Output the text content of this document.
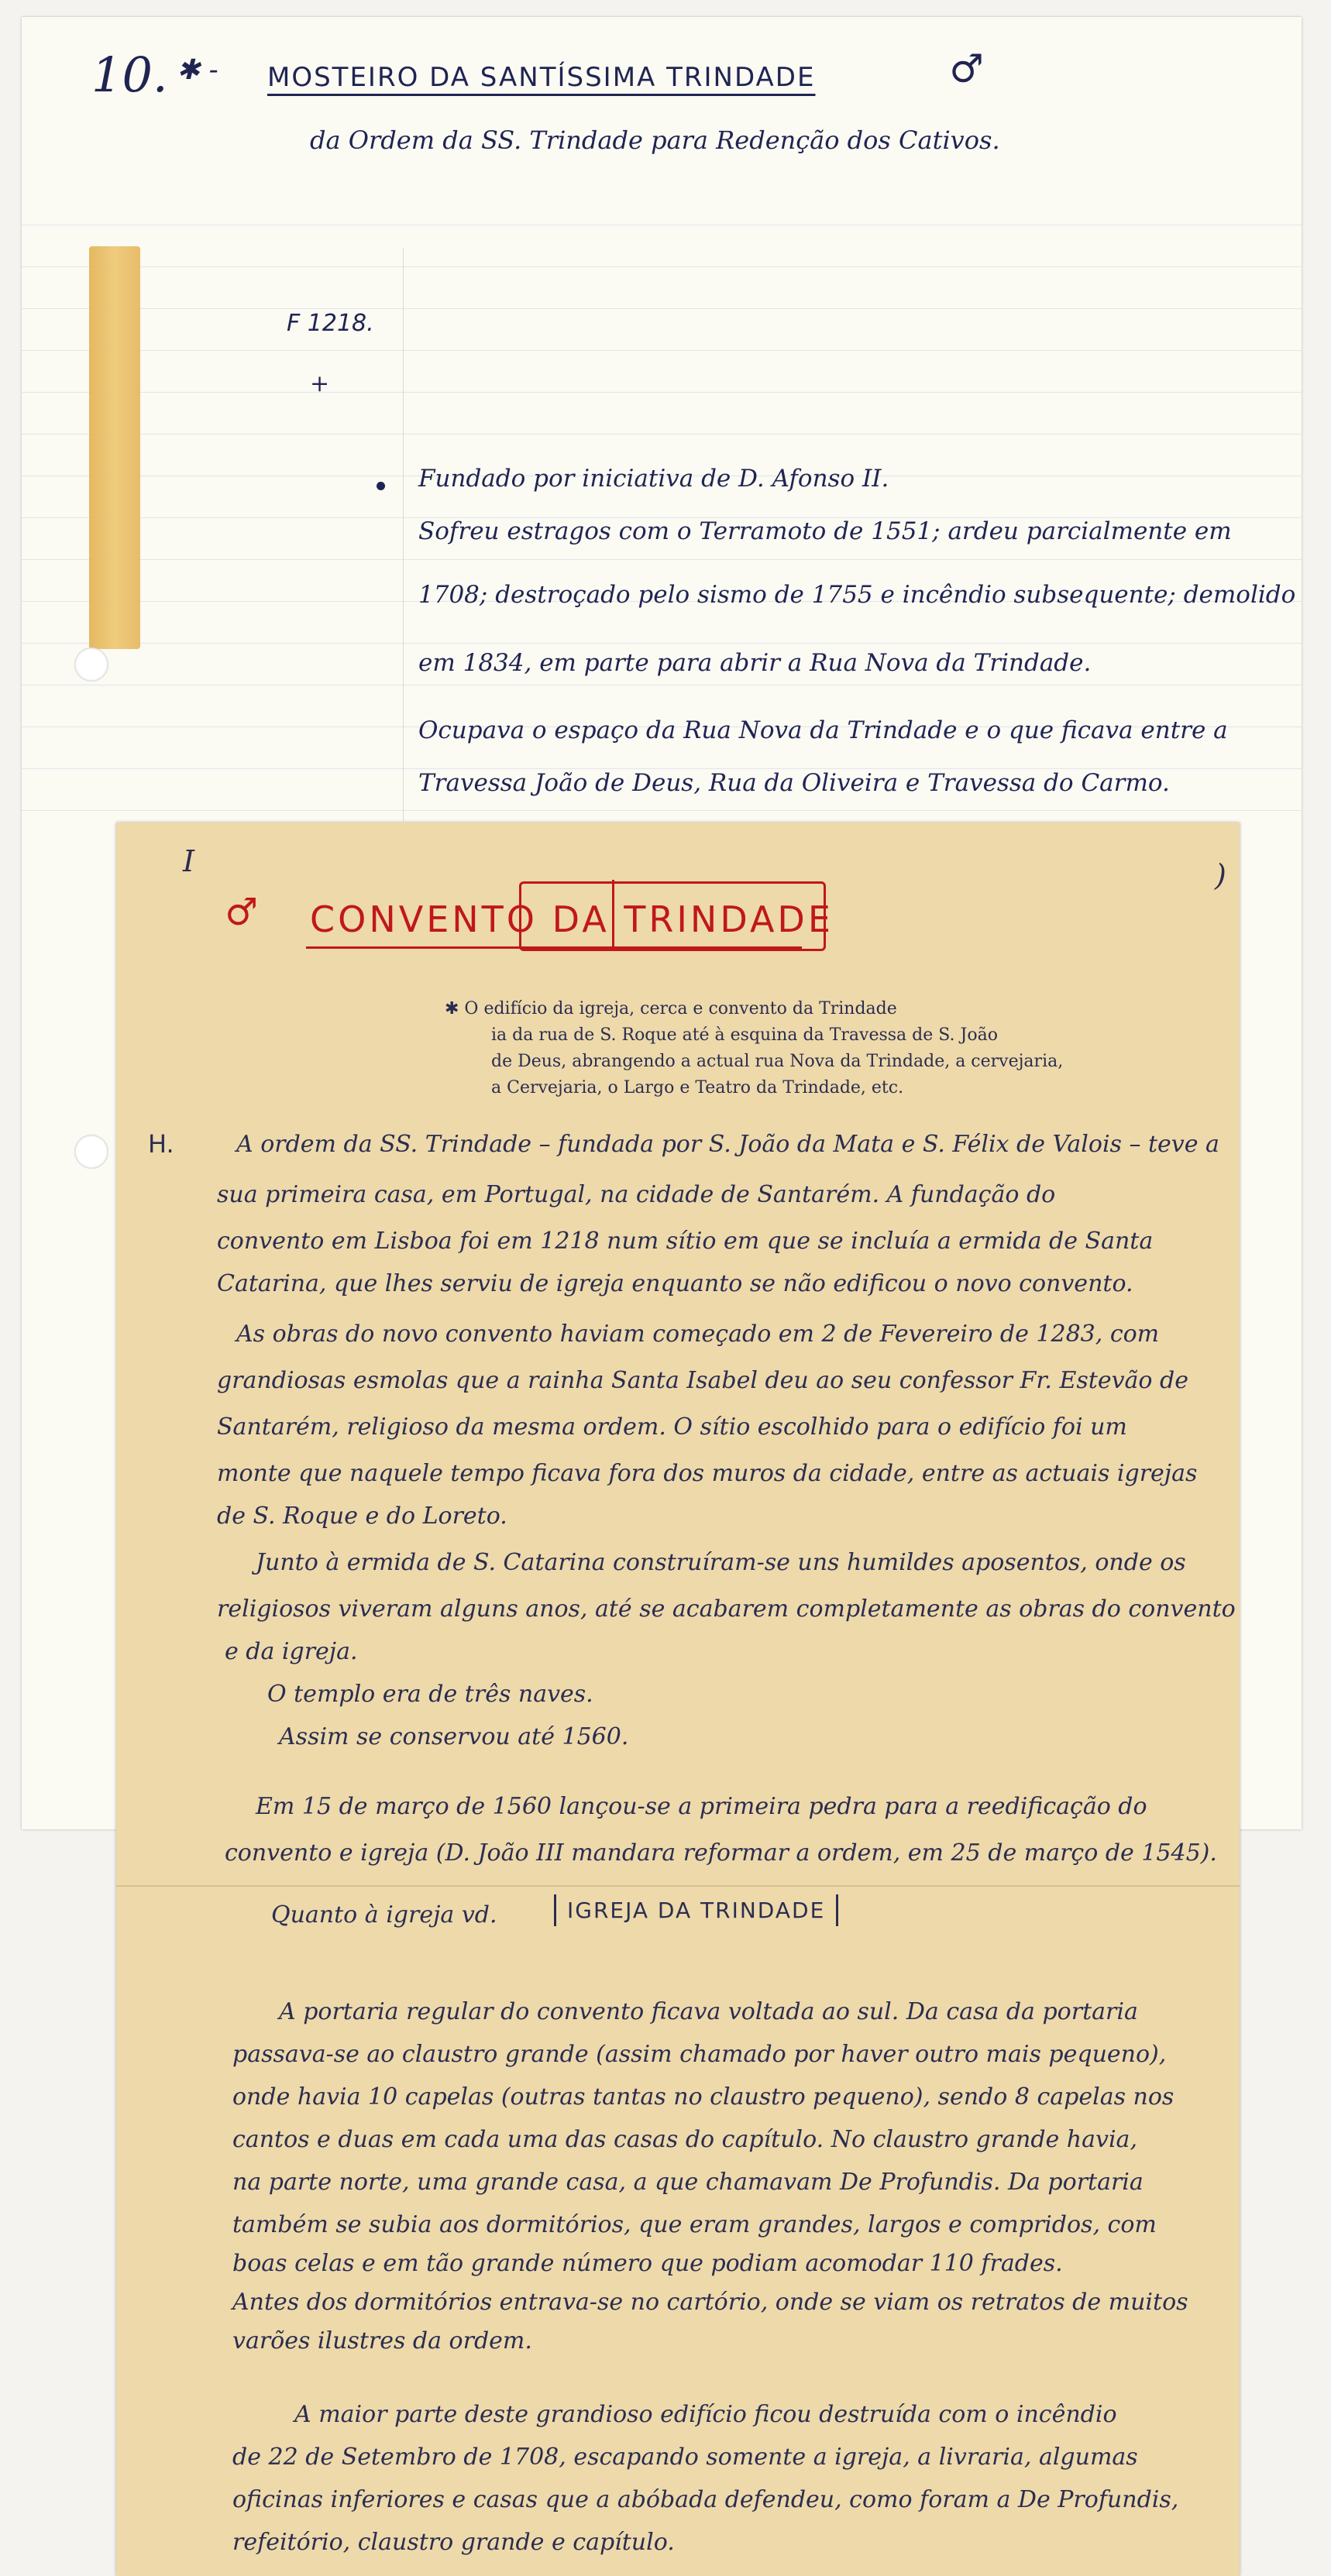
10. ✱ - MOSTEIRO DA SANTÍSSIMA TRINDADE	♂
da Ordem da SS. Trindade para Redenção dos Cativos.
F 1218.
+
Fundado por iniciativa de D. Afonso II.
Sofreu estragos com o Terramoto de 1551; ardeu parcialmente em
1708; destroçado pelo sismo de 1755 e incêndio subsequente; demolido
em 1834, em parte para abrir a Rua Nova da Trindade.
Ocupava o espaço da Rua Nova da Trindade e o que ficava entre a
Travessa João de Deus, Rua da Oliveira e Travessa do Carmo.
I	)
♂ CONVENTO DA TRINDADE
✱ O edifício da igreja, cerca e convento da Trindade
ia da rua de S. Roque até à esquina da Travessa de S. João
de Deus, abrangendo a actual rua Nova da Trindade, a cervejaria,
a Cervejaria, o Largo e Teatro da Trindade, etc.
H.	A ordem da SS. Trindade – fundada por S. João da Mata e S. Félix de Valois – teve a
sua primeira casa, em Portugal, na cidade de Santarém. A fundação do
convento em Lisboa foi em 1218 num sítio em que se incluía a ermida de Santa
Catarina, que lhes serviu de igreja enquanto se não edificou o novo convento.
As obras do novo convento haviam começado em 2 de Fevereiro de 1283, com
grandiosas esmolas que a rainha Santa Isabel deu ao seu confessor Fr. Estevão de
Santarém, religioso da mesma ordem. O sítio escolhido para o edifício foi um
monte que naquele tempo ficava fora dos muros da cidade, entre as actuais igrejas
de S. Roque e do Loreto.
Junto à ermida de S. Catarina construíram-se uns humildes aposentos, onde os
religiosos viveram alguns anos, até se acabarem completamente as obras do convento
e da igreja.
O templo era de três naves.
Assim se conservou até 1560.
Em 15 de março de 1560 lançou-se a primeira pedra para a reedificação do
convento e igreja (D. João III mandara reformar a ordem, em 25 de março de 1545).
Quanto à igreja vd.	IGREJA DA TRINDADE
A portaria regular do convento ficava voltada ao sul. Da casa da portaria
passava-se ao claustro grande (assim chamado por haver outro mais pequeno),
onde havia 10 capelas (outras tantas no claustro pequeno), sendo 8 capelas nos
cantos e duas em cada uma das casas do capítulo. No claustro grande havia,
na parte norte, uma grande casa, a que chamavam De Profundis. Da portaria
também se subia aos dormitórios, que eram grandes, largos e compridos, com
boas celas e em tão grande número que podiam acomodar 110 frades.
Antes dos dormitórios entrava-se no cartório, onde se viam os retratos de muitos
varões ilustres da ordem.
A maior parte deste grandioso edifício ficou destruída com o incêndio
de 22 de Setembro de 1708, escapando somente a igreja, a livraria, algumas
oficinas inferiores e casas que a abóbada defendeu, como foram a De Profundis,
refeitório, claustro grande e capítulo.
